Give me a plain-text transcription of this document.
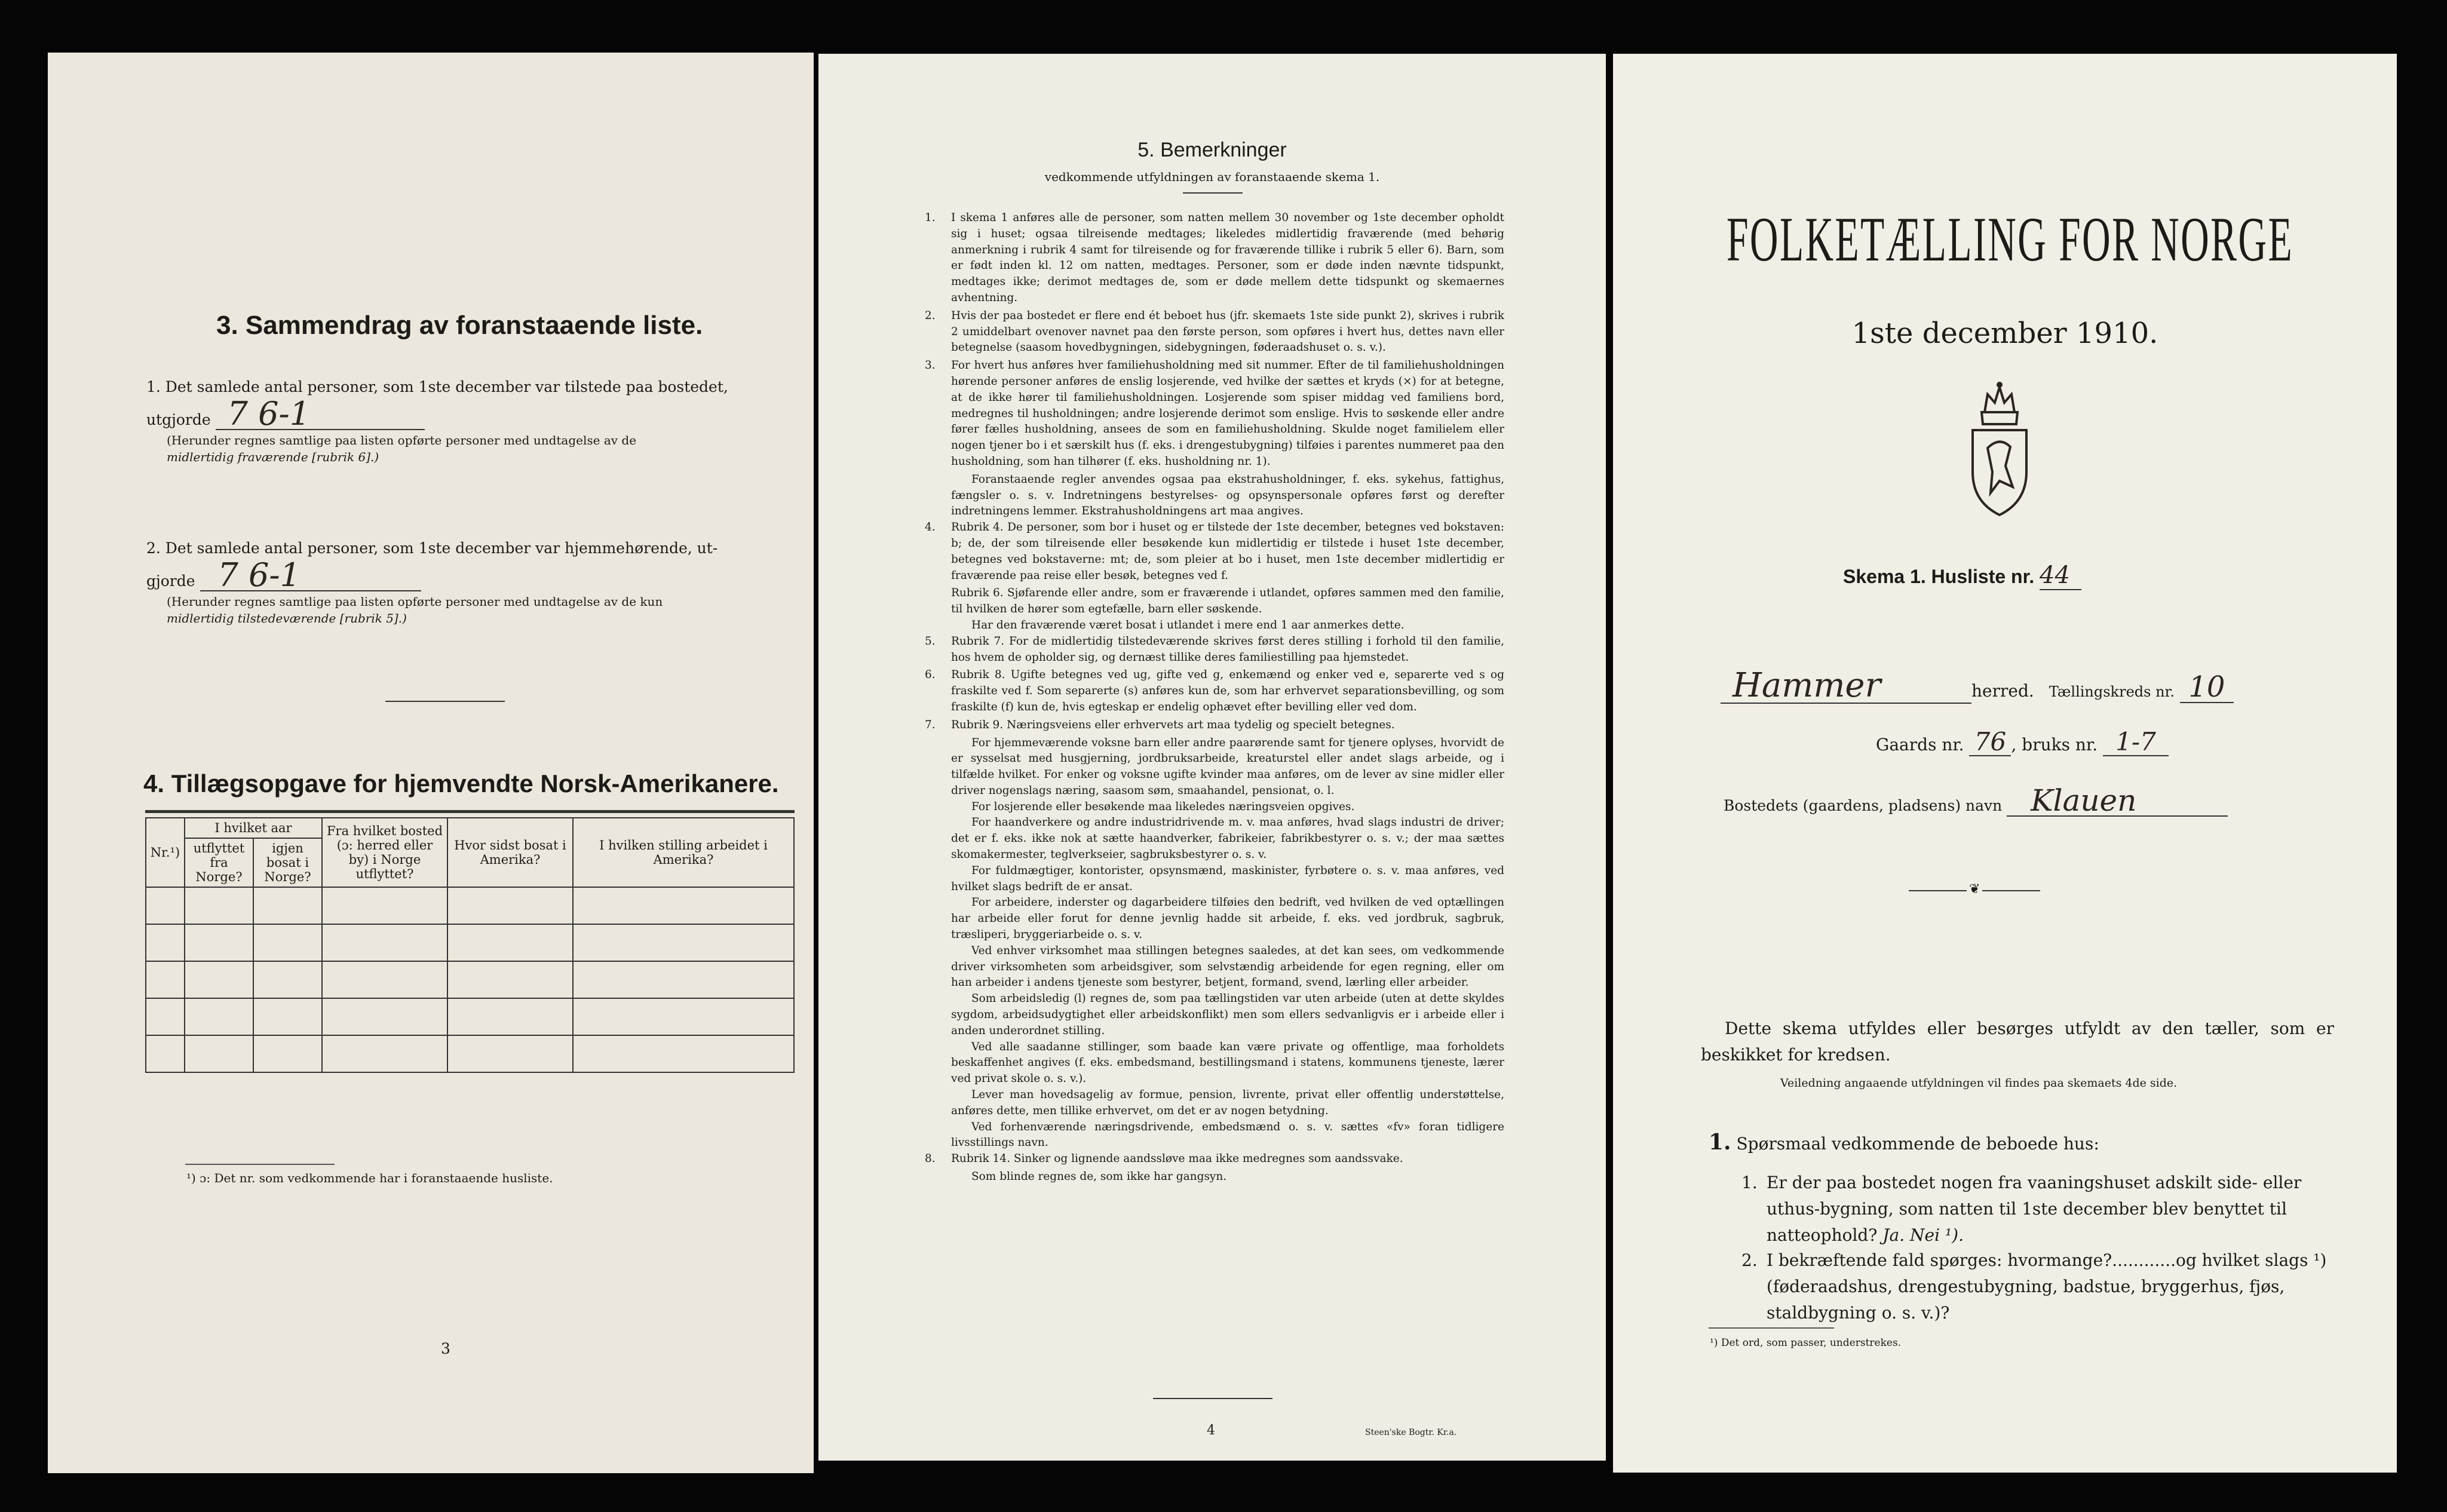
3. Sammendrag av foranstaaende liste.

1. Det samlede antal personer, som 1ste december var tilstede paa bostedet,

utgjorde 7 6-1

(Herunder regnes samtlige paa listen opførte personer med undtagelse av de
midlertidig fraværende [rubrik 6].)

2. Det samlede antal personer, som 1ste december var hjemmehørende, ut-

gjorde 7 6-1

(Herunder regnes samtlige paa listen opførte personer med undtagelse av de kun
midlertidig tilstedeværende [rubrik 5].)

4. Tillægsopgave for hjemvendte Norsk-Amerikanere.
Nr.¹)	I hvilket aar		Fra hvilket bosted (ɔ: herred eller by) i Norge utflyttet?	Hvor sidst bosat i Amerika?	I hvilken stilling arbeidet i Amerika?
	utflyttet fra Norge?	igjen bosat i Norge?			

¹) ɔ: Det nr. som vedkommende har i foranstaaende husliste.
3
5. Bemerkninger
vedkommende utfyldningen av foranstaaende skema 1.
1.	I skema 1 anføres alle de personer, som natten mellem 30 november og 1ste december opholdt sig i huset; ogsaa tilreisende medtages; likeledes midlertidig fraværende (med behørig anmerkning i rubrik 4 samt for tilreisende og for fraværende tillike i rubrik 5 eller 6). Barn, som er født inden kl. 12 om natten, medtages. Personer, som er døde inden nævnte tidspunkt, medtages ikke; derimot medtages de, som er døde mellem dette tidspunkt og skemaernes avhentning.
2.	Hvis der paa bostedet er flere end ét beboet hus (jfr. skemaets 1ste side punkt 2), skrives i rubrik 2 umiddelbart ovenover navnet paa den første person, som opføres i hvert hus, dettes navn eller betegnelse (saasom hovedbygningen, sidebygningen, føderaadshuset o. s. v.).
3.	For hvert hus anføres hver familiehusholdning med sit nummer. Efter de til familiehusholdningen hørende personer anføres de enslig losjerende, ved hvilke der sættes et kryds (×) for at betegne, at de ikke hører til familiehusholdningen. Losjerende som spiser middag ved familiens bord, medregnes til husholdningen; andre losjerende derimot som enslige. Hvis to søskende eller andre fører fælles husholdning, ansees de som en familiehusholdning. Skulde noget familielem eller nogen tjener bo i et særskilt hus (f. eks. i drengestubygning) tilføies i parentes nummeret paa den husholdning, som han tilhører (f. eks. husholdning nr. 1).
Foranstaaende regler anvendes ogsaa paa ekstrahusholdninger, f. eks. sykehus, fattighus, fængsler o. s. v. Indretningens bestyrelses- og opsynspersonale opføres først og derefter indretningens lemmer. Ekstrahusholdningens art maa angives.
4.	Rubrik 4. De personer, som bor i huset og er tilstede der 1ste december, betegnes ved bokstaven: b; de, der som tilreisende eller besøkende kun midlertidig er tilstede i huset 1ste december, betegnes ved bokstaverne: mt; de, som pleier at bo i huset, men 1ste december midlertidig er fraværende paa reise eller besøk, betegnes ved f.
Rubrik 6. Sjøfarende eller andre, som er fraværende i utlandet, opføres sammen med den familie, til hvilken de hører som egtefælle, barn eller søskende.
Har den fraværende været bosat i utlandet i mere end 1 aar anmerkes dette.
5.	Rubrik 7. For de midlertidig tilstedeværende skrives først deres stilling i forhold til den familie, hos hvem de opholder sig, og dernæst tillike deres familiestilling paa hjemstedet.
6.	Rubrik 8. Ugifte betegnes ved ug, gifte ved g, enkemænd og enker ved e, separerte ved s og fraskilte ved f. Som separerte (s) anføres kun de, som har erhvervet separationsbevilling, og som fraskilte (f) kun de, hvis egteskap er endelig ophævet efter bevilling eller ved dom.
7.	Rubrik 9. Næringsveiens eller erhvervets art maa tydelig og specielt betegnes.
For hjemmeværende voksne barn eller andre paarørende samt for tjenere oplyses, hvorvidt de er sysselsat med husgjerning, jordbruksarbeide, kreaturstel eller andet slags arbeide, og i tilfælde hvilket. For enker og voksne ugifte kvinder maa anføres, om de lever av sine midler eller driver nogenslags næring, saasom søm, smaahandel, pensionat, o. l.
For losjerende eller besøkende maa likeledes næringsveien opgives.
For haandverkere og andre industridrivende m. v. maa anføres, hvad slags industri de driver; det er f. eks. ikke nok at sætte haandverker, fabrikeier, fabrikbestyrer o. s. v.; der maa sættes skomakermester, teglverkseier, sagbruksbestyrer o. s. v.
For fuldmægtiger, kontorister, opsynsmænd, maskinister, fyrbøtere o. s. v. maa anføres, ved hvilket slags bedrift de er ansat.
For arbeidere, inderster og dagarbeidere tilføies den bedrift, ved hvilken de ved optællingen har arbeide eller forut for denne jevnlig hadde sit arbeide, f. eks. ved jordbruk, sagbruk, træsliperi, bryggeriarbeide o. s. v.
Ved enhver virksomhet maa stillingen betegnes saaledes, at det kan sees, om vedkommende driver virksomheten som arbeidsgiver, som selvstændig arbeidende for egen regning, eller om han arbeider i andens tjeneste som bestyrer, betjent, formand, svend, lærling eller arbeider.
Som arbeidsledig (l) regnes de, som paa tællingstiden var uten arbeide (uten at dette skyldes sygdom, arbeidsudygtighet eller arbeidskonflikt) men som ellers sedvanligvis er i arbeide eller i anden underordnet stilling.
Ved alle saadanne stillinger, som baade kan være private og offentlige, maa forholdets beskaffenhet angives (f. eks. embedsmand, bestillingsmand i statens, kommunens tjeneste, lærer ved privat skole o. s. v.).
Lever man hovedsagelig av formue, pension, livrente, privat eller offentlig understøttelse, anføres dette, men tillike erhvervet, om det er av nogen betydning.
Ved forhenværende næringsdrivende, embedsmænd o. s. v. sættes «fv» foran tidligere livsstillings navn.
8.	Rubrik 14. Sinker og lignende aandssløve maa ikke medregnes som aandssvake.
Som blinde regnes de, som ikke har gangsyn.
4	Steen'ske Bogtr. Kr.a.
FOLKETÆLLING FOR NORGE
1ste december 1910.
Skema 1. Husliste nr. 44
Hammer	herred. Tællingskreds nr. 10
Gaards nr. 76 , bruks nr. 1-7
Bostedets (gaardens, pladsens) navn Klauen
❦
Dette skema utfyldes eller besørges utfyldt av den tæller, som er beskikket for kredsen.
Veiledning angaaende utfyldningen vil findes paa skemaets 4de side.
1. Spørsmaal vedkommende de beboede hus:
1. Er der paa bostedet nogen fra vaaningshuset adskilt side- eller uthus-bygning, som natten til 1ste december blev benyttet til natteophold? Ja. Nei ¹).
2. I bekræftende fald spørges: hvormange?............og hvilket slags ¹) (føderaadshus, drengestubygning, badstue, bryggerhus, fjøs, staldbygning o. s. v.)?
¹) Det ord, som passer, understrekes.
